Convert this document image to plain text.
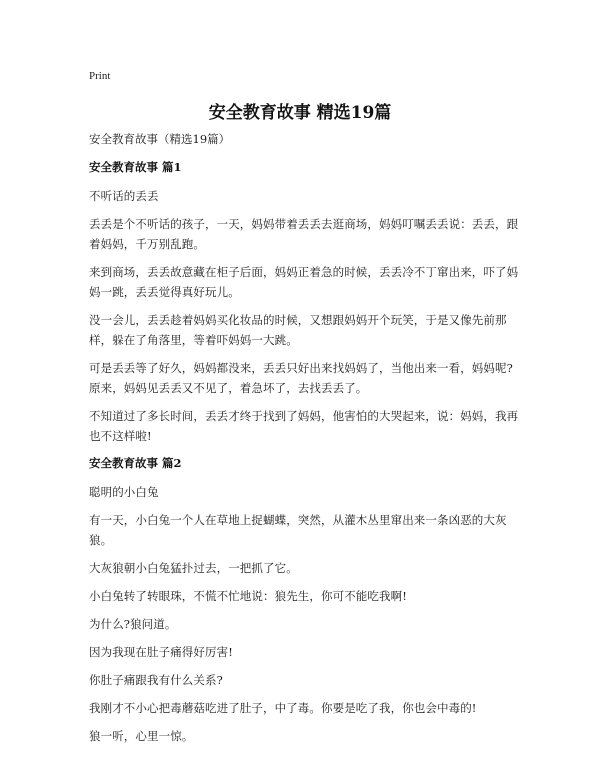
Print
安全教育故事 精选19篇

安全教育故事（精选19篇）

安全教育故事 篇1

不听话的丢丢

丢丢是个不听话的孩子，一天，妈妈带着丢丢去逛商场，妈妈叮嘱丢丢说：丢丢，跟着妈妈，千万别乱跑。

来到商场，丢丢故意藏在柜子后面，妈妈正着急的时候，丢丢冷不丁窜出来，吓了妈妈一跳，丢丢觉得真好玩儿。

没一会儿，丢丢趁着妈妈买化妆品的时候，又想跟妈妈开个玩笑，于是又像先前那样，躲在了角落里，等着吓妈妈一大跳。

可是丢丢等了好久，妈妈都没来，丢丢只好出来找妈妈了，当他出来一看，妈妈呢?原来，妈妈见丢丢又不见了，着急坏了，去找丢丢了。

不知道过了多长时间，丢丢才终于找到了妈妈，他害怕的大哭起来，说：妈妈，我再也不这样啦!

安全教育故事 篇2

聪明的小白兔

有一天，小白兔一个人在草地上捉蝴蝶，突然，从灌木丛里窜出来一条凶恶的大灰狼。

大灰狼朝小白兔猛扑过去，一把抓了它。

小白兔转了转眼珠，不慌不忙地说：狼先生，你可不能吃我啊!

为什么?狼问道。

因为我现在肚子痛得好厉害!

你肚子痛跟我有什么关系?

我刚才不小心把毒蘑菇吃进了肚子，中了毒。你要是吃了我，你也会中毒的!

狼一听，心里一惊。
